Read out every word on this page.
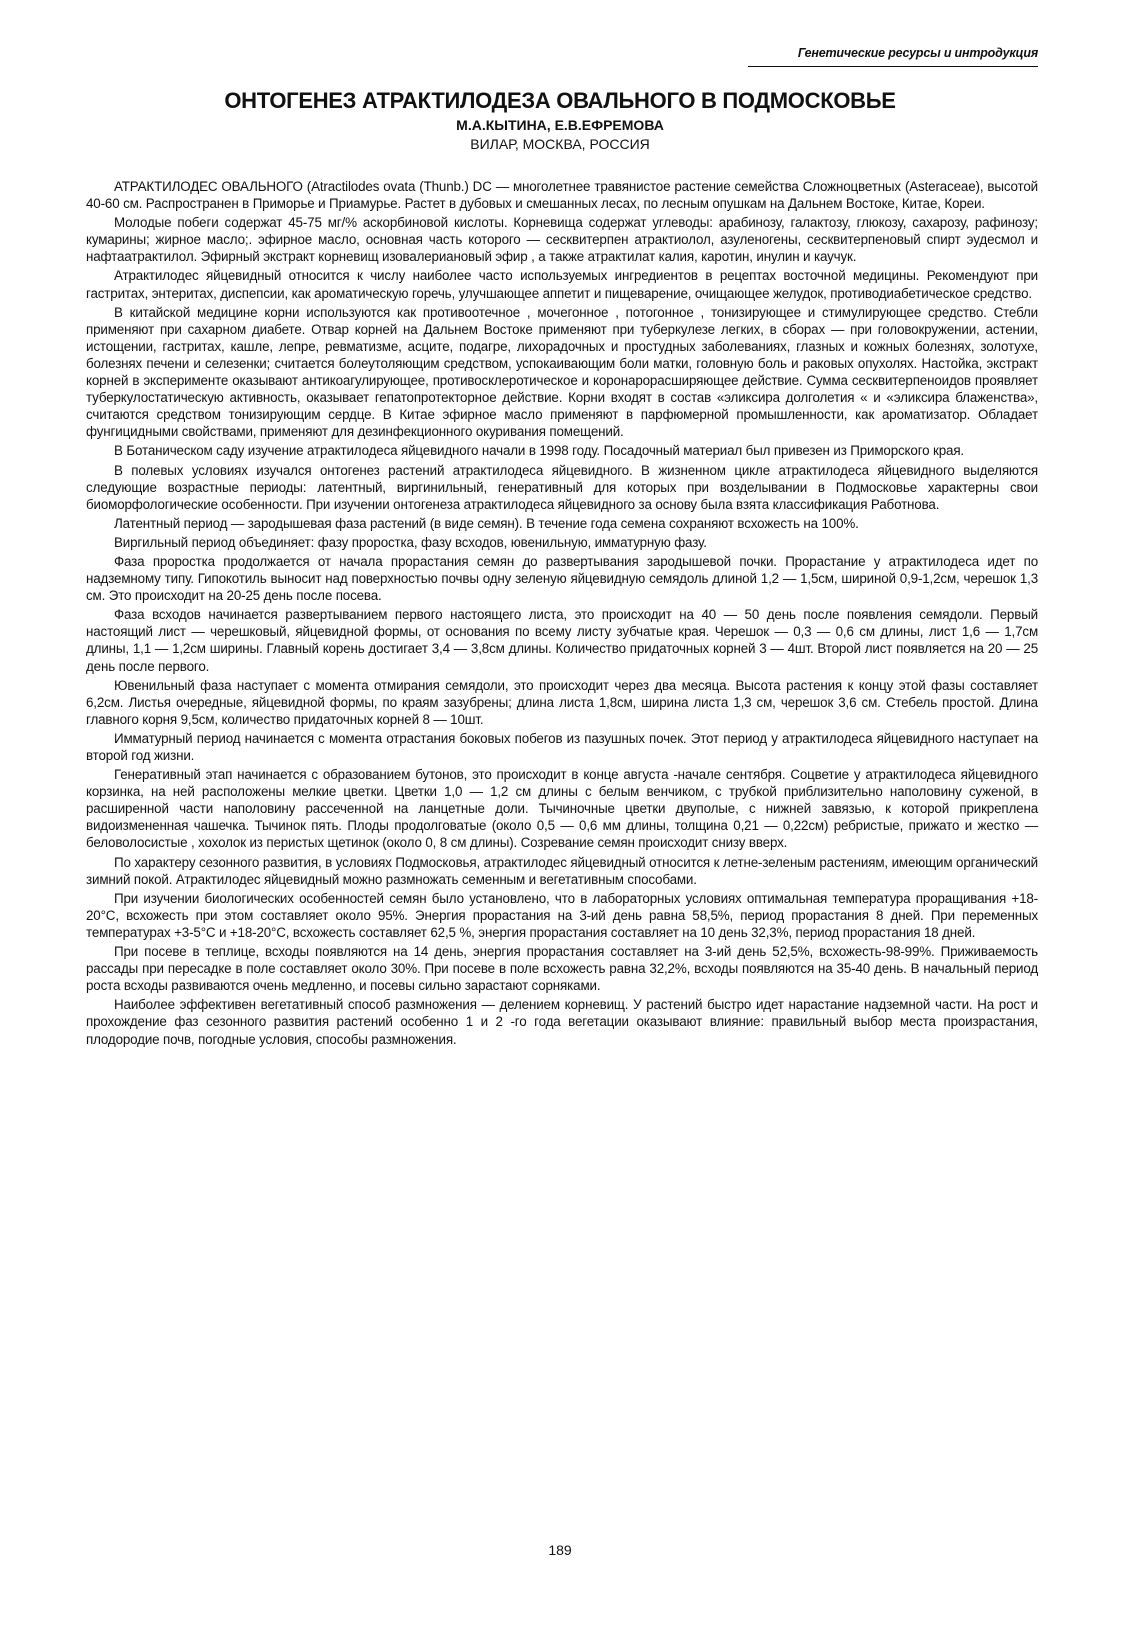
Генетические ресурсы и интродукция
ОНТОГЕНЕЗ АТРАКТИЛОДЕЗА ОВАЛЬНОГО В ПОДМОСКОВЬЕ
М.А.КЫТИНА, Е.В.ЕФРЕМОВА
ВИЛАР, МОСКВА, РОССИЯ

АТРАКТИЛОДЕС ОВАЛЬНОГО (Atractilodes ovata (Thunb.) DC — многолетнее травянистое растение семейства Сложноцветных (Asteraceae), высотой 40-60 см. Распространен в Приморье и Приамурье. Растет в дубовых и смешанных лесах, по лесным опушкам на Дальнем Востоке, Китае, Кореи.

Молодые побеги содержат 45-75 мг/% аскорбиновой кислоты. Корневища содержат углеводы: арабинозу, галактозу, глюкозу, сахарозу, рафинозу; кумарины; жирное масло;. эфирное масло, основная часть которого — сесквитерпен атрактиолол, азуленогены, сесквитерпеновый спирт эудесмол и нафтаатрактилол. Эфирный экстракт корневищ изовалериановый эфир , а также атрактилат калия, каротин, инулин и каучук.

Атрактилодес яйцевидный относится к числу наиболее часто используемых ингредиентов в рецептах восточной медицины. Рекомендуют при гастритах, энтеритах, диспепсии, как ароматическую горечь, улучшающее аппетит и пищеварение, очищающее желудок, противодиабетическое средство.

В китайской медицине корни используются как противоотечное , мочегонное , потогонное , тонизирующее и стимулирующее средство. Стебли применяют при сахарном диабете. Отвар корней на Дальнем Востоке применяют при туберкулезе легких, в сборах — при головокружении, астении, истощении, гастритах, кашле, лепре, ревматизме, асците, подагре, лихорадочных и простудных заболеваниях, глазных и кожных болезнях, золотухе, болезнях печени и селезенки; считается болеутоляющим средством, успокаивающим боли матки, головную боль и раковых опухолях. Настойка, экстракт корней в эксперименте оказывают антикоагулирующее, противосклеротическое и коронарорасширяющее действие. Сумма сесквитерпеноидов проявляет туберкулостатическую активность, оказывает гепатопротекторное действие. Корни входят в состав «эликсира долголетия « и «эликсира блаженства», считаются средством тонизирующим сердце. В Китае эфирное масло применяют в парфюмерной промышленности, как ароматизатор. Обладает фунгицидными свойствами, применяют для дезинфекционного окуривания помещений.

В Ботаническом саду изучение атрактилодеса яйцевидного начали в 1998 году. Посадочный материал был привезен из Приморского края.

В полевых условиях изучался онтогенез растений атрактилодеса яйцевидного. В жизненном цикле атрактилодеса яйцевидного выделяются следующие возрастные периоды: латентный, виргинильный, генеративный для которых при возделывании в Подмосковье характерны свои биоморфологические особенности. При изучении онтогенеза атрактилодеса яйцевидного за основу была взята классификация Работнова.

Латентный период — зародышевая фаза растений (в виде семян). В течение года семена сохраняют всхожесть на 100%.

Виргильный период объединяет: фазу проростка, фазу всходов, ювенильную, имматурную фазу.

Фаза проростка продолжается от начала прорастания семян до развертывания зародышевой почки. Прорастание у атрактилодеса идет по надземному типу. Гипокотиль выносит над поверхностью почвы одну зеленую яйцевидную семядоль длиной 1,2 — 1,5см, шириной 0,9-1,2см, черешок 1,3 см. Это происходит на 20-25 день после посева.

Фаза всходов начинается развертыванием первого настоящего листа, это происходит на 40 — 50 день после появления семядоли. Первый настоящий лист — черешковый, яйцевидной формы, от основания по всему листу зубчатые края. Черешок — 0,3 — 0,6 см длины, лист 1,6 — 1,7см длины, 1,1 — 1,2см ширины. Главный корень достигает 3,4 — 3,8см длины. Количество придаточных корней 3 — 4шт. Второй лист появляется на 20 — 25 день после первого.

Ювенильный фаза наступает с момента отмирания семядоли, это происходит через два месяца. Высота растения к концу этой фазы составляет 6,2см. Листья очередные, яйцевидной формы, по краям зазубрены; длина листа 1,8см, ширина листа 1,3 см, черешок 3,6 см. Стебель простой. Длина главного корня 9,5см, количество придаточных корней 8 — 10шт.

Имматурный период начинается с момента отрастания боковых побегов из пазушных почек. Этот период у атрактилодеса яйцевидного наступает на второй год жизни.

Генеративный этап начинается с образованием бутонов, это происходит в конце августа -начале сентября. Соцветие у атрактилодеса яйцевидного корзинка, на ней расположены мелкие цветки. Цветки 1,0 — 1,2 см длины с белым венчиком, с трубкой приблизительно наполовину суженой, в расширенной части наполовину рассеченной на ланцетные доли. Тычиночные цветки двуполые, с нижней завязью, к которой прикреплена видоизмененная чашечка. Тычинок пять. Плоды продолговатые (около 0,5 — 0,6 мм длины, толщина 0,21 — 0,22см) ребристые, прижато и жестко — беловолосистые , хохолок из перистых щетинок (около 0, 8 см длины). Созревание семян происходит снизу вверх.

По характеру сезонного развития, в условиях Подмосковья, атрактилодес яйцевидный относится к летне-зеленым растениям, имеющим органический зимний покой. Атрактилодес яйцевидный можно размножать семенным и вегетативным способами.

При изучении биологических особенностей семян было установлено, что в лабораторных условиях оптимальная температура проращивания +18-20°С, всхожесть при этом составляет около 95%. Энергия прорастания на 3-ий день равна 58,5%, период прорастания 8 дней. При переменных температурах +3-5°С и +18-20°С, всхожесть составляет 62,5 %, энергия прорастания составляет на 10 день 32,3%, период прорастания 18 дней.

При посеве в теплице, всходы появляются на 14 день, энергия прорастания составляет на 3-ий день 52,5%, всхожесть-98-99%. Приживаемость рассады при пересадке в поле составляет около 30%. При посеве в поле всхожесть равна 32,2%, всходы появляются на 35-40 день. В начальный период роста всходы развиваются очень медленно, и посевы сильно зарастают сорняками.

Наиболее эффективен вегетативный способ размножения — делением корневищ. У растений быстро идет нарастание надземной части. На рост и прохождение фаз сезонного развития растений особенно 1 и 2 -го года вегетации оказывают влияние: правильный выбор места произрастания, плодородие почв, погодные условия, способы размножения.

189
